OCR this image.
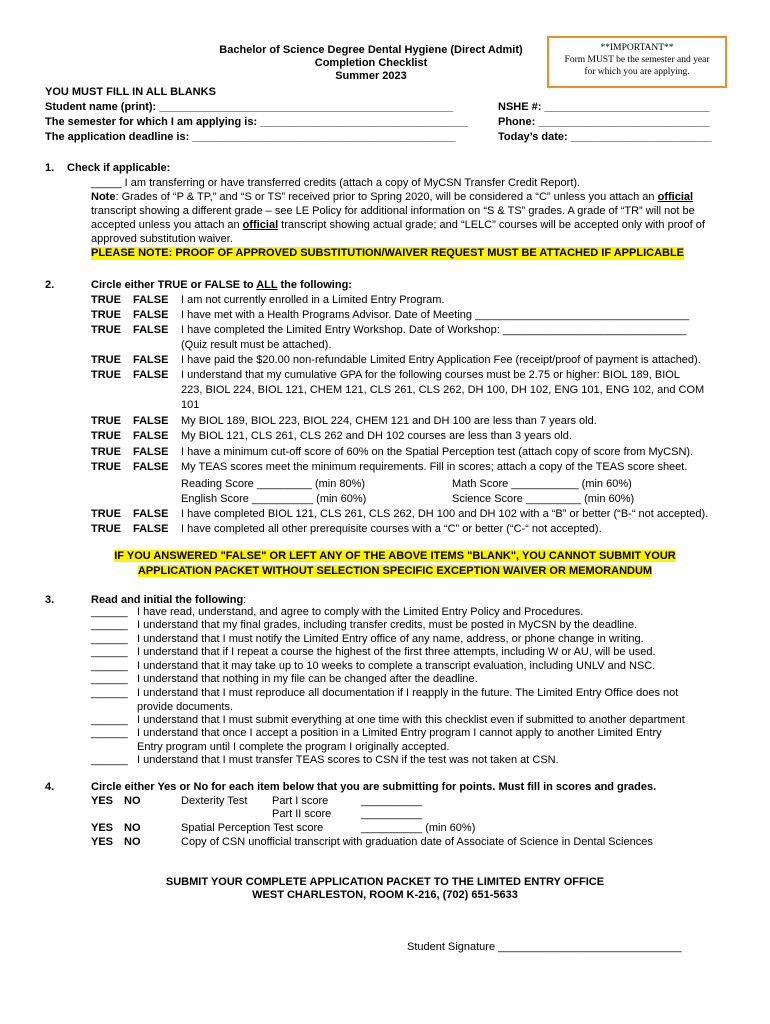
Bachelor of Science Degree Dental Hygiene (Direct Admit)
Completion Checklist
Summer 2023
**IMPORTANT**
Form MUST be the semester and year
for which you are applying.
YOU MUST FILL IN ALL BLANKS
Student name (print): ________________________________________________
The semester for which I am applying is: __________________________________
The application deadline is: ___________________________________________
NSHE #: ___________________________
Phone: ____________________________
Today’s date: _______________________
1. Check if applicable:
_____ I am transferring or have transferred credits (attach a copy of MyCSN Transfer Credit Report).
Note: Grades of “P & TP,” and “S or TS” received prior to Spring 2020, will be considered a “C” unless you attach an official
transcript showing a different grade – see LE Policy for additional information on “S & TS” grades. A grade of “TR” will not be
accepted unless you attach an official transcript showing actual grade; and “LELC” courses will be accepted only with proof of
approved substitution waiver.
PLEASE NOTE: PROOF OF APPROVED SUBSTITUTION/WAIVER REQUEST MUST BE ATTACHED IF APPLICABLE
2.	Circle either TRUE or FALSE to ALL the following:
TRUE FALSE I am not currently enrolled in a Limited Entry Program.
TRUE FALSE I have met with a Health Programs Advisor. Date of Meeting ___________________________________
TRUE FALSE I have completed the Limited Entry Workshop. Date of Workshop: ______________________________
(Quiz result must be attached).
TRUE FALSE I have paid the $20.00 non-refundable Limited Entry Application Fee (receipt/proof of payment is attached).
TRUE FALSE I understand that my cumulative GPA for the following courses must be 2.75 or higher: BIOL 189, BIOL
223, BIOL 224, BIOL 121, CHEM 121, CLS 261, CLS 262, DH 100, DH 102, ENG 101, ENG 102, and COM
101
TRUE FALSE My BIOL 189, BIOL 223, BIOL 224, CHEM 121 and DH 100 are less than 7 years old.
TRUE FALSE My BIOL 121, CLS 261, CLS 262 and DH 102 courses are less than 3 years old.
TRUE FALSE I have a minimum cut-off score of 60% on the Spatial Perception test (attach copy of score from MyCSN).
TRUE FALSE My TEAS scores meet the minimum requirements. Fill in scores; attach a copy of the TEAS score sheet.
TRUE FALSE I have completed BIOL 121, CLS 261, CLS 262, DH 100 and DH 102 with a “B” or better (“B-“ not accepted).
TRUE FALSE I have completed all other prerequisite courses with a “C” or better (“C-“ not accepted).
Reading Score _________ (min 80%)	Math Score ___________ (min 60%)
English Score __________ (min 60%)	Science Score _________ (min 60%)
IF YOU ANSWERED "FALSE" OR LEFT ANY OF THE ABOVE ITEMS "BLANK", YOU CANNOT SUBMIT YOUR
APPLICATION PACKET WITHOUT SELECTION SPECIFIC EXCEPTION WAIVER OR MEMORANDUM
3.	Read and initial the following:
______ I have read, understand, and agree to comply with the Limited Entry Policy and Procedures.
______ I understand that my final grades, including transfer credits, must be posted in MyCSN by the deadline.
______ I understand that I must notify the Limited Entry office of any name, address, or phone change in writing.
______ I understand that if I repeat a course the highest of the first three attempts, including W or AU, will be used.
______ I understand that it may take up to 10 weeks to complete a transcript evaluation, including UNLV and NSC.
______ I understand that nothing in my file can be changed after the deadline.
______ I understand that I must reproduce all documentation if I reapply in the future. The Limited Entry Office does not
provide documents.
______ I understand that I must submit everything at one time with this checklist even if submitted to another department
______ I understand that once I accept a position in a Limited Entry program I cannot apply to another Limited Entry
Entry program until I complete the program I originally accepted.
______ I understand that I must transfer TEAS scores to CSN if the test was not taken at CSN.
4.	Circle either Yes or No for each item below that you are submitting for points. Must fill in scores and grades.
YES NO	Dexterity Test Part I score	__________
Part II score	__________
YES NO	Spatial Perception Test score	__________ (min 60%)
YES NO	Copy of CSN unofficial transcript with graduation date of Associate of Science in Dental Sciences
SUBMIT YOUR COMPLETE APPLICATION PACKET TO THE LIMITED ENTRY OFFICE
WEST CHARLESTON, ROOM K-216, (702) 651-5633
Student Signature ______________________________
